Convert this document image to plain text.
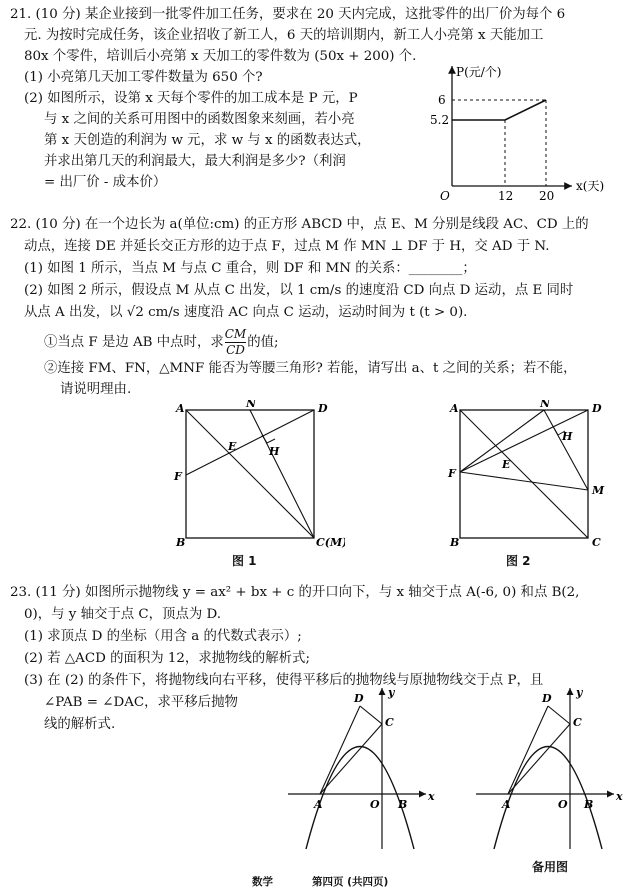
21. (10 分) 某企业接到一批零件加工任务，要求在 20 天内完成，这批零件的出厂价为每个 6
元. 为按时完成任务，该企业招收了新工人，6 天的培训期内，新工人小亮第 x 天能加工
80x 个零件，培训后小亮第 x 天加工的零件数为 (50x + 200) 个.
(1) 小亮第几天加工零件数量为 650 个?
(2) 如图所示，设第 x 天每个零件的加工成本是 P 元，P
与 x 之间的关系可用图中的函数图象来刻画，若小亮
第 x 天创造的利润为 w 元，求 w 与 x 的函数表达式，
并求出第几天的利润最大，最大利润是多少?（利润
= 出厂价 - 成本价）
P(元/个)
x(天)
O
6
5.2
12 20
22. (10 分) 在一个边长为 a(单位:cm) 的正方形 ABCD 中，点 E、M 分别是线段 AC、CD 上的
动点，连接 DE 并延长交正方形的边于点 F，过点 M 作 MN ⊥ DF 于 H，交 AD 于 N.
(1) 如图 1 所示，当点 M 与点 C 重合，则 DF 和 MN 的关系：________；
(2) 如图 2 所示，假设点 M 从点 C 出发，以 1 cm/s 的速度沿 CD 向点 D 运动，点 E 同时
从点 A 出发，以 √2 cm/s 速度沿 AC 向点 C 运动，运动时间为 t (t > 0).
①当点 F 是边 AB 中点时，求 $\frac{CM}{CD}$ 的值;
②连接 FM、FN，△MNF 能否为等腰三角形? 若能，请写出 a、t 之间的关系；若不能，
请说明理由.
A	N	D
H
E
F
B	C(M)
图 1
A	N	D
H
E
F
M
B	C
图 2
23. (11 分) 如图所示抛物线 y = ax² + bx + c 的开口向下，与 x 轴交于点 A(-6, 0) 和点 B(2,
0)，与 y 轴交于点 C，顶点为 D.
(1) 求顶点 D 的坐标（用含 a 的代数式表示）;
(2) 若 △ACD 的面积为 12，求抛物线的解析式;
(3) 在 (2) 的条件下，将抛物线向右平移，使得平移后的抛物线与原抛物线交于点 P，且
∠PAB = ∠DAC，求平移后抛物
线的解析式.
D
C
y
A	O B
x
D
C
y
A	O B
x
备用图
数学	第四页 (共四页)
